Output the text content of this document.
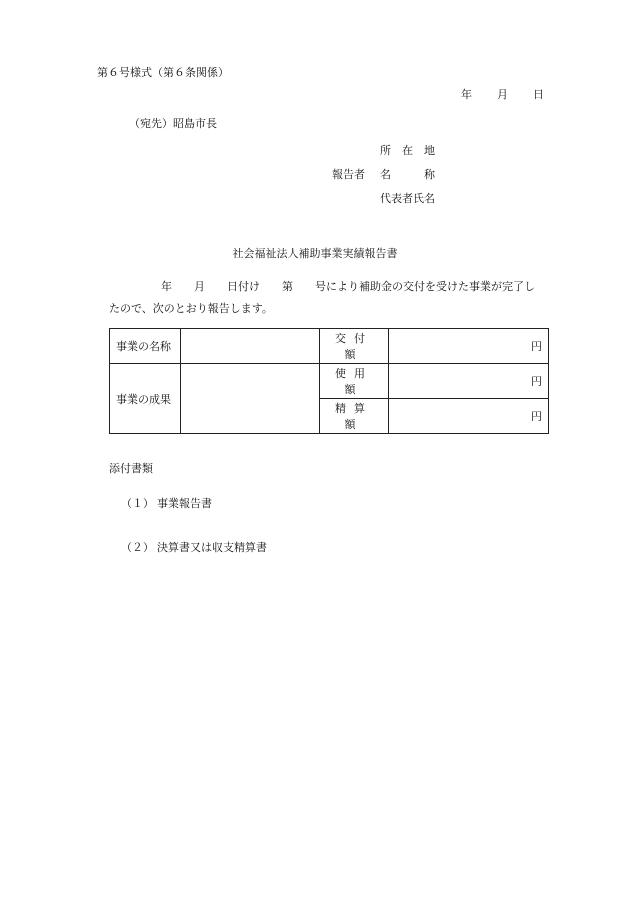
第６号様式（第６条関係）
年 月 日
（宛先）昭島市長
所　在　地
報告者	名　　　称
代表者氏名
社会福祉法人補助事業実績報告書
年 月 日付け 第 号により補助金の交付を受けた事業が完了し
たので、次のとおり報告します。
事業の名称		交付額	円
事業の成果		使用額	円
		精算額	円
添付書類
（１） 事業報告書
（２） 決算書又は収支精算書
